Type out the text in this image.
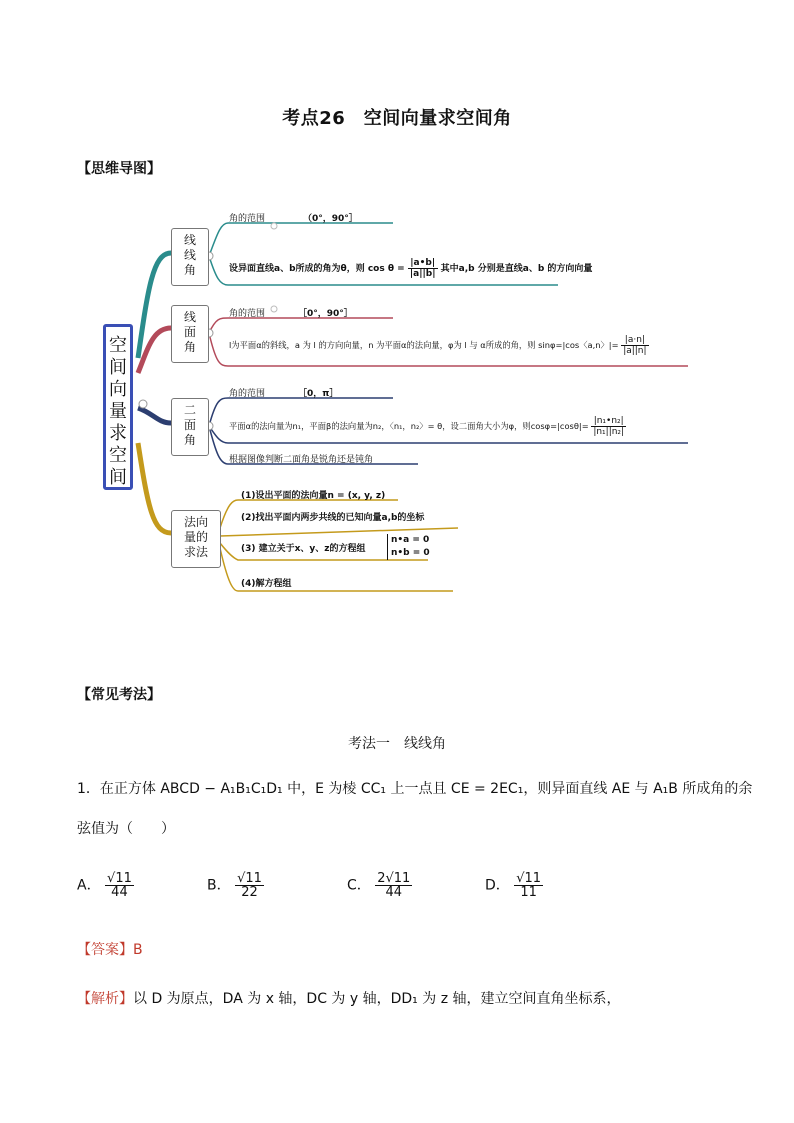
考点26　空间向量求空间角
【思维导图】
空
间
向
量
求
空
间
线
线
角
线
面
角
二
面
角
法向
量的
求法
角的范围	（0°，90°］
设异面直线a、b所成的角为θ，则 $\cos \theta = \frac{|a•b|}{|a||b|}$ 其中a,b 分别是直线a、b 的方向向量
角的范围	［0°，90°］
l为平面α的斜线，a 为 l 的方向向量，n 为平面α的法向量，φ为 l 与 α所成的角，则 sinφ=|cos〈a,n〉|= $\frac{|a\cdot n|}{|a||n|}$
角的范围	［0，π］
平面α的法向量为n₁，平面β的法向量为n₂，〈n₁，n₂〉= θ，设二面角大小为φ，则$\cos\varphi=|\cos\theta|= \frac{\text{|n₁•n₂|}}{\text{|n₁||n₂|}}$
根据图像判断二面角是锐角还是钝角
(1)设出平面的法向量n = (x, y, z)
(2)找出平面内两步共线的已知向量a,b的坐标
(3) 建立关于x、y、z的方程组
n•a = 0
n•b = 0
(4)解方程组
【常见考法】
考法一　线线角
1．在正方体 ABCD − A₁B₁C₁D₁ 中，E 为棱 CC₁ 上一点且 CE = 2EC₁，则异面直线 AE 与 A₁B 所成角的余
弦值为（　　）
A． $\frac{√11}{44}$	B． $\frac{√11}{22}$	C． $\frac{2√11}{44}$	D． $\frac{√11}{11}$
【答案】B
【解析】以 D 为原点，DA 为 x 轴，DC 为 y 轴，DD₁ 为 z 轴，建立空间直角坐标系，
